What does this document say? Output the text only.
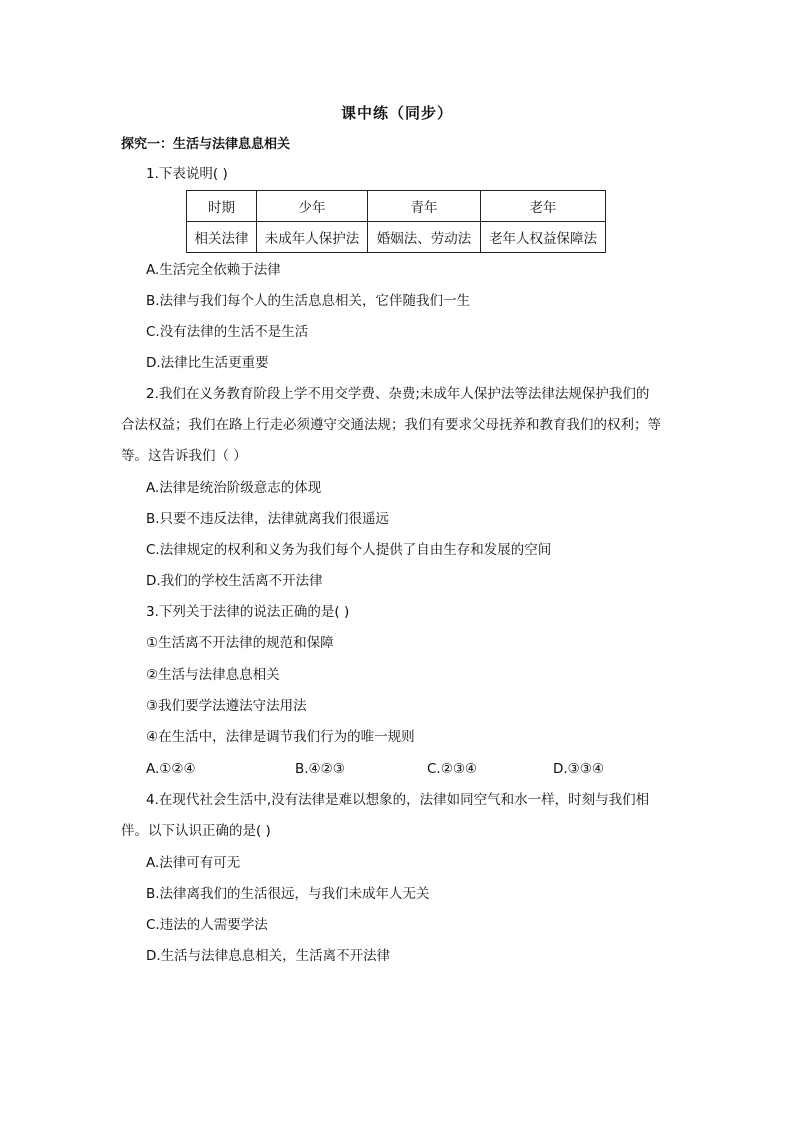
课中练（同步）
探究一：生活与法律息息相关
1.下表说明( )
时期	少年	青年	老年
相关法律	未成年人保护法	婚姻法、劳动法	老年人权益保障法
A.生活完全依赖于法律
B.法律与我们每个人的生活息息相关，它伴随我们一生
C.没有法律的生活不是生活
D.法律比生活更重要
2.我们在义务教育阶段上学不用交学费、杂费;未成年人保护法等法律法规保护我们的
合法权益；我们在路上行走必须遵守交通法规；我们有要求父母抚养和教育我们的权利；等
等。这告诉我们（ ）
A.法律是统治阶级意志的体现
B.只要不违反法律，法律就离我们很遥远
C.法律规定的权利和义务为我们每个人提供了自由生存和发展的空间
D.我们的学校生活离不开法律
3.下列关于法律的说法正确的是( )
①生活离不开法律的规范和保障
②生活与法律息息相关
③我们要学法遵法守法用法
④在生活中，法律是调节我们行为的唯一规则
A.①②④	B.④②③	C.②③④	D.③③④
4.在现代社会生活中,没有法律是难以想象的，法律如同空气和水一样，时刻与我们相
伴。以下认识正确的是( )
A.法律可有可无
B.法律离我们的生活很远，与我们未成年人无关
C.违法的人需要学法
D.生活与法律息息相关，生活离不开法律
